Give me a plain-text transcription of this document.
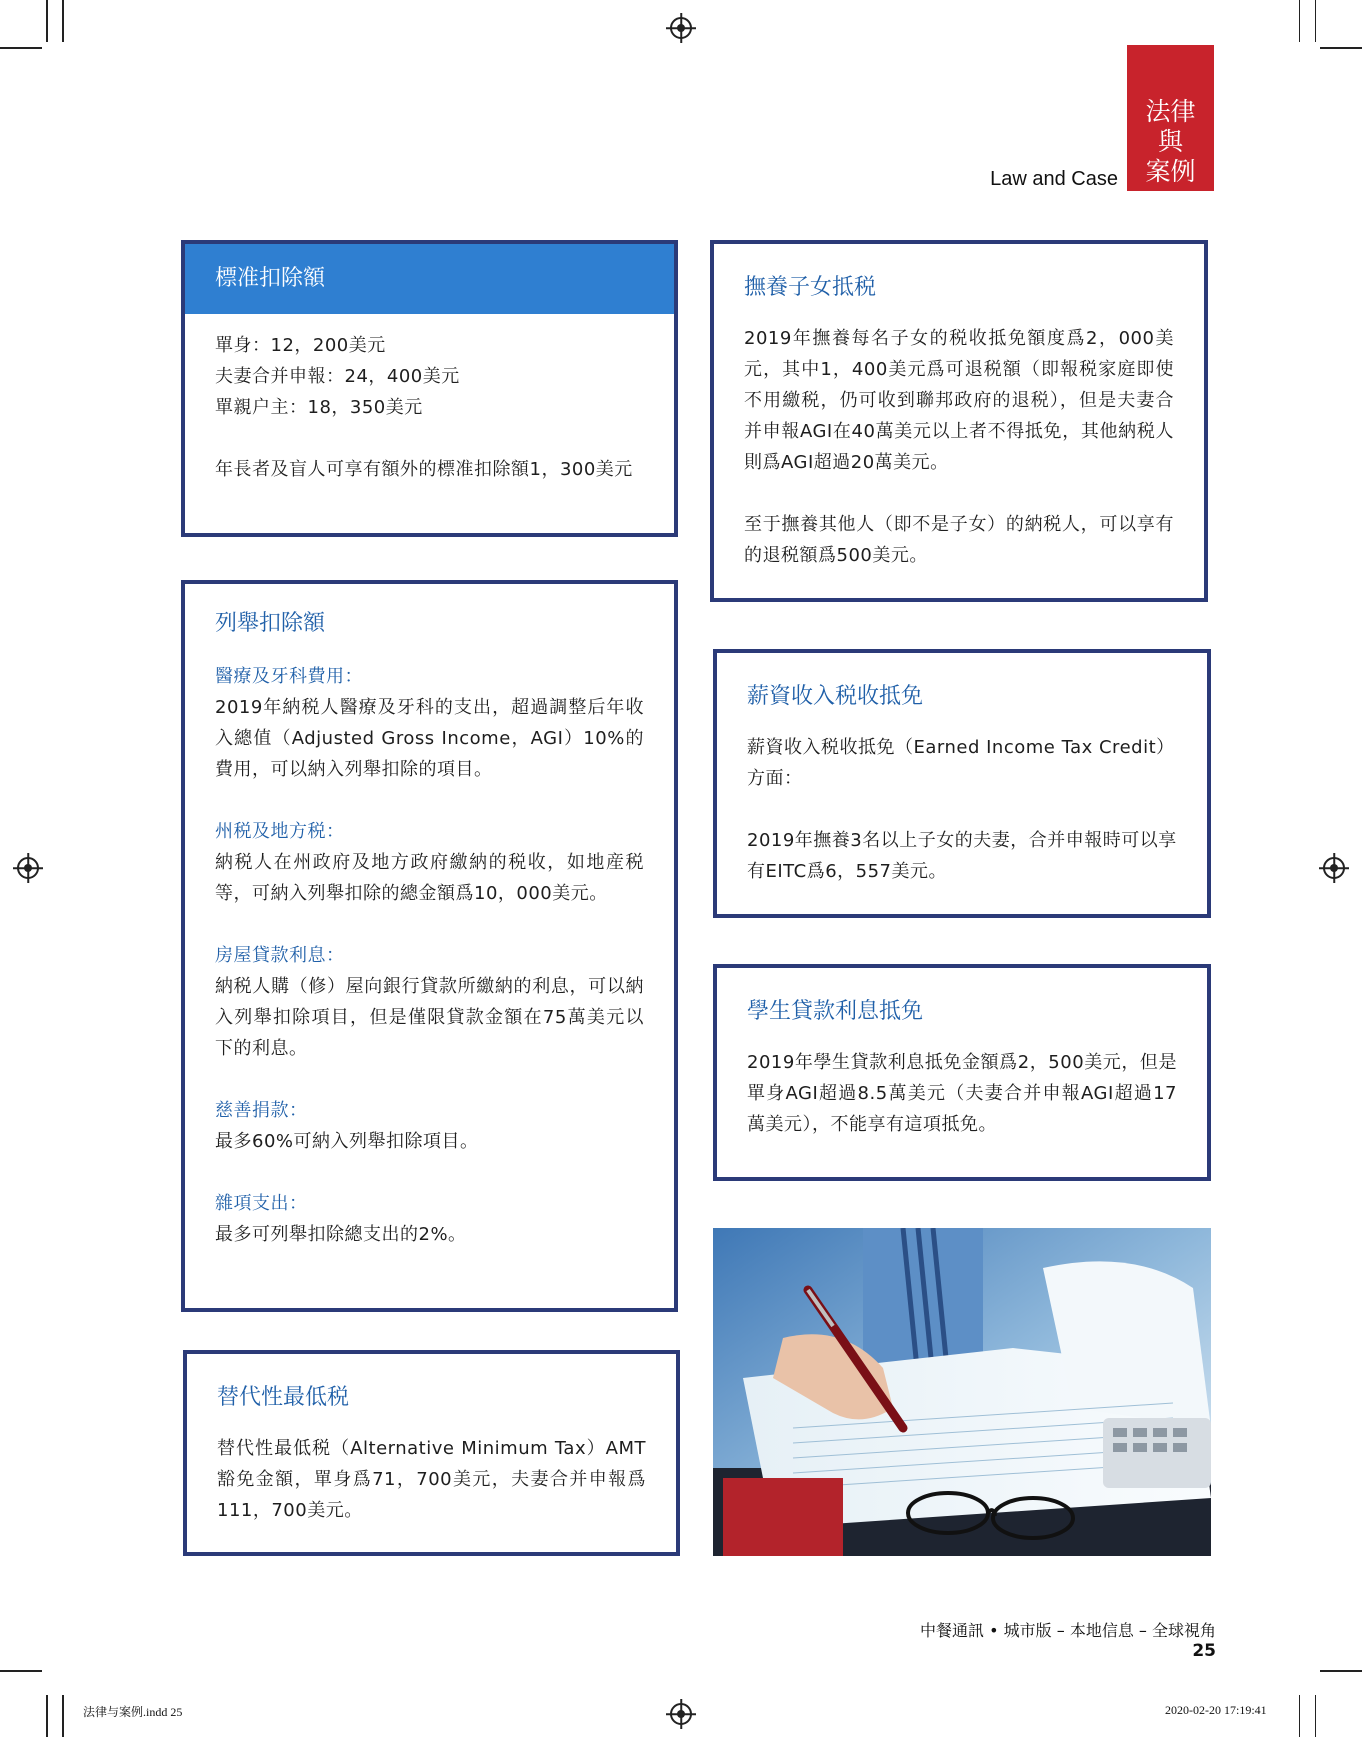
法律
與
案例
Law and Case
標准扣除額

單身：12，200美元

夫妻合并申報：24，400美元

單親户主：18，350美元

年長者及盲人可享有額外的標准扣除額1，300美元

撫養子女抵税

2019年撫養每名子女的税收抵免額度爲2，000美元，其中1，400美元爲可退税額（即報税家庭即使不用繳税，仍可收到聯邦政府的退税），但是夫妻合并申報AGI在40萬美元以上者不得抵免，其他納税人則爲AGI超過20萬美元。

至于撫養其他人（即不是子女）的納税人，可以享有的退税額爲500美元。

列舉扣除額

醫療及牙科費用：

2019年納税人醫療及牙科的支出，超過調整后年收入總值（Adjusted Gross Income，AGI）10%的費用，可以納入列舉扣除的項目。

州税及地方税：

納税人在州政府及地方政府繳納的税收，如地産税等，可納入列舉扣除的總金額爲10，000美元。

房屋貸款利息：

納税人購（修）屋向銀行貸款所繳納的利息，可以納入列舉扣除項目，但是僅限貸款金額在75萬美元以下的利息。

慈善捐款：

最多60%可納入列舉扣除項目。

雜項支出：

最多可列舉扣除總支出的2%。

薪資收入税收抵免

薪資收入税收抵免（Earned Income Tax Credit）方面：

2019年撫養3名以上子女的夫妻，合并申報時可以享有EITC爲6，557美元。

學生貸款利息抵免

2019年學生貸款利息抵免金額爲2，500美元，但是單身AGI超過8.5萬美元（夫妻合并申報AGI超過17萬美元），不能享有這項抵免。

替代性最低税

替代性最低税（Alternative Minimum Tax）AMT豁免金額，單身爲71，700美元，夫妻合并申報爲111，700美元。

中餐通訊 • 城市版 – 本地信息 – 全球視角25
法律与案例.indd 25	2020-02-20 17:19:41
